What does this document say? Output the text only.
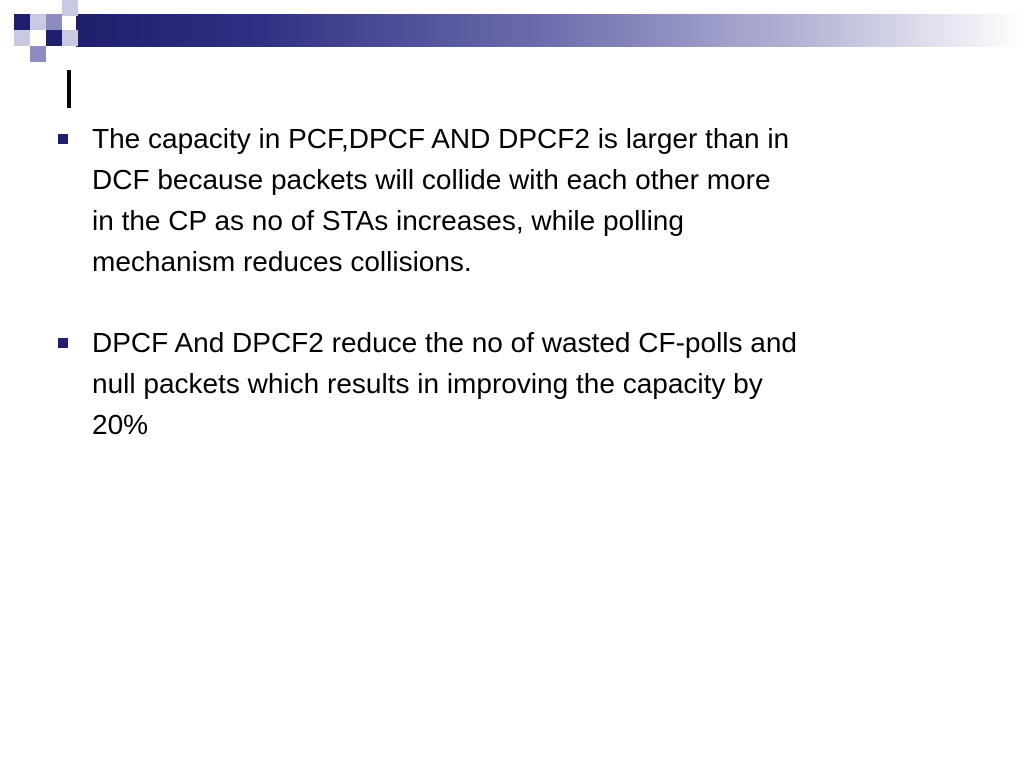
The capacity in PCF,DPCF AND DPCF2 is larger than in
DCF because packets will collide with each other more
in the CP as no of STAs increases, while polling
mechanism reduces collisions.
DPCF And DPCF2 reduce the no of wasted CF-polls and
null packets which results in improving the capacity by
20%
